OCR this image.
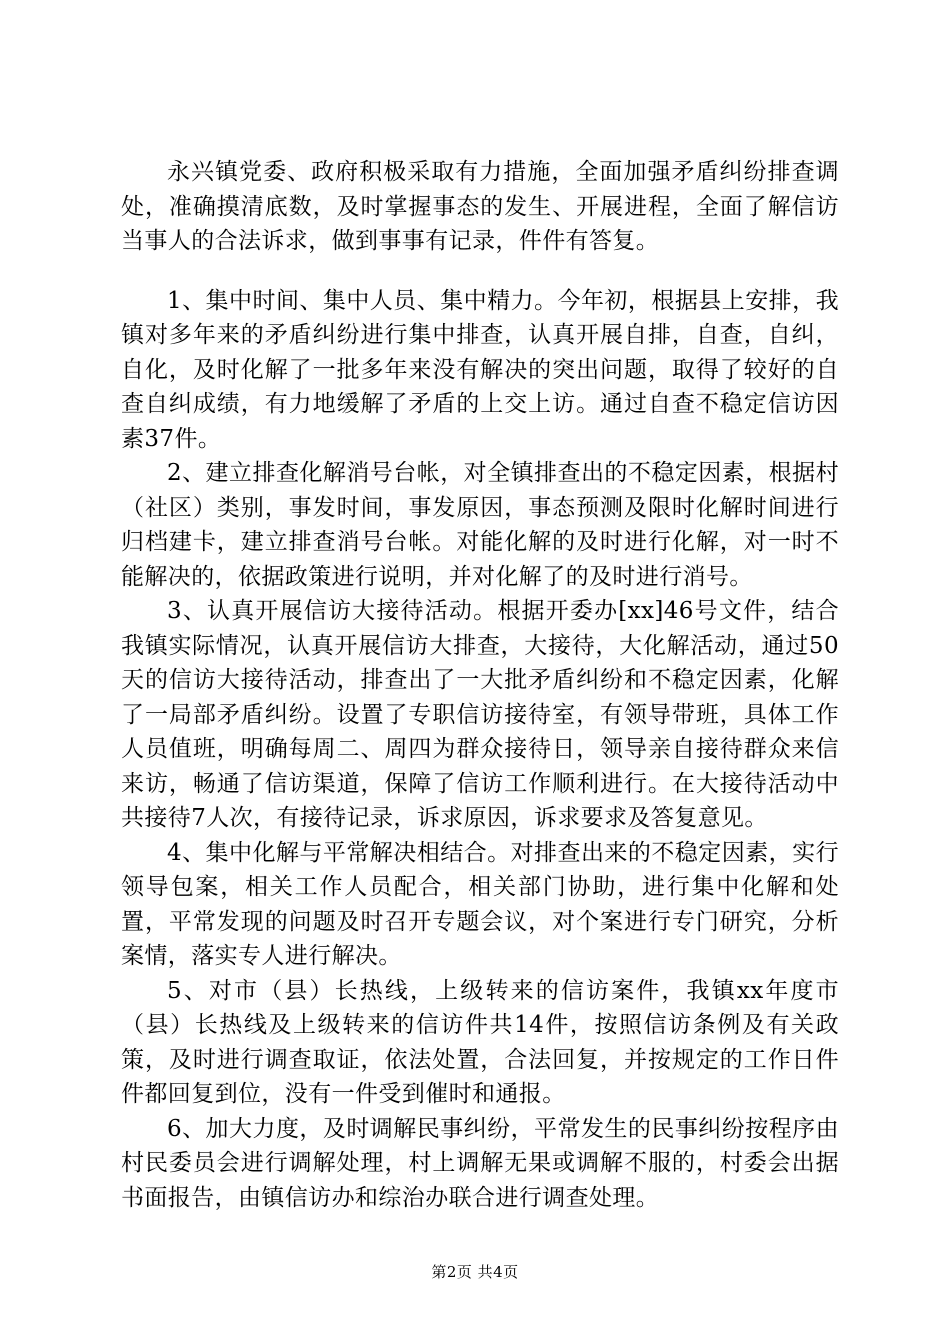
永兴镇党委、政府积极采取有力措施，全面加强矛盾纠纷排查调处，准确摸清底数，及时掌握事态的发生、开展进程，全面了解信访当事人的合法诉求，做到事事有记录，件件有答复。

1、集中时间、集中人员、集中精力。今年初，根据县上安排，我镇对多年来的矛盾纠纷进行集中排查，认真开展自排，自查，自纠，自化，及时化解了一批多年来没有解决的突出问题，取得了较好的自查自纠成绩，有力地缓解了矛盾的上交上访。通过自查不稳定信访因素37件。

2、建立排查化解消号台帐，对全镇排查出的不稳定因素，根据村（社区）类别，事发时间，事发原因，事态预测及限时化解时间进行归档建卡，建立排查消号台帐。对能化解的及时进行化解，对一时不能解决的，依据政策进行说明，并对化解了的及时进行消号。

3、认真开展信访大接待活动。根据开委办[xx]46号文件，结合我镇实际情况，认真开展信访大排查，大接待，大化解活动，通过50天的信访大接待活动，排查出了一大批矛盾纠纷和不稳定因素，化解了一局部矛盾纠纷。设置了专职信访接待室，有领导带班，具体工作人员值班，明确每周二、周四为群众接待日，领导亲自接待群众来信来访，畅通了信访渠道，保障了信访工作顺利进行。在大接待活动中共接待7人次，有接待记录，诉求原因，诉求要求及答复意见。

4、集中化解与平常解决相结合。对排查出来的不稳定因素，实行领导包案，相关工作人员配合，相关部门协助，进行集中化解和处置，平常发现的问题及时召开专题会议，对个案进行专门研究，分析案情，落实专人进行解决。

5、对市（县）长热线，上级转来的信访案件，我镇xx年度市（县）长热线及上级转来的信访件共14件，按照信访条例及有关政策，及时进行调查取证，依法处置，合法回复，并按规定的工作日件件都回复到位，没有一件受到催时和通报。

6、加大力度，及时调解民事纠纷，平常发生的民事纠纷按程序由村民委员会进行调解处理，村上调解无果或调解不服的，村委会出据书面报告，由镇信访办和综治办联合进行调查处理。

第2页 共4页
